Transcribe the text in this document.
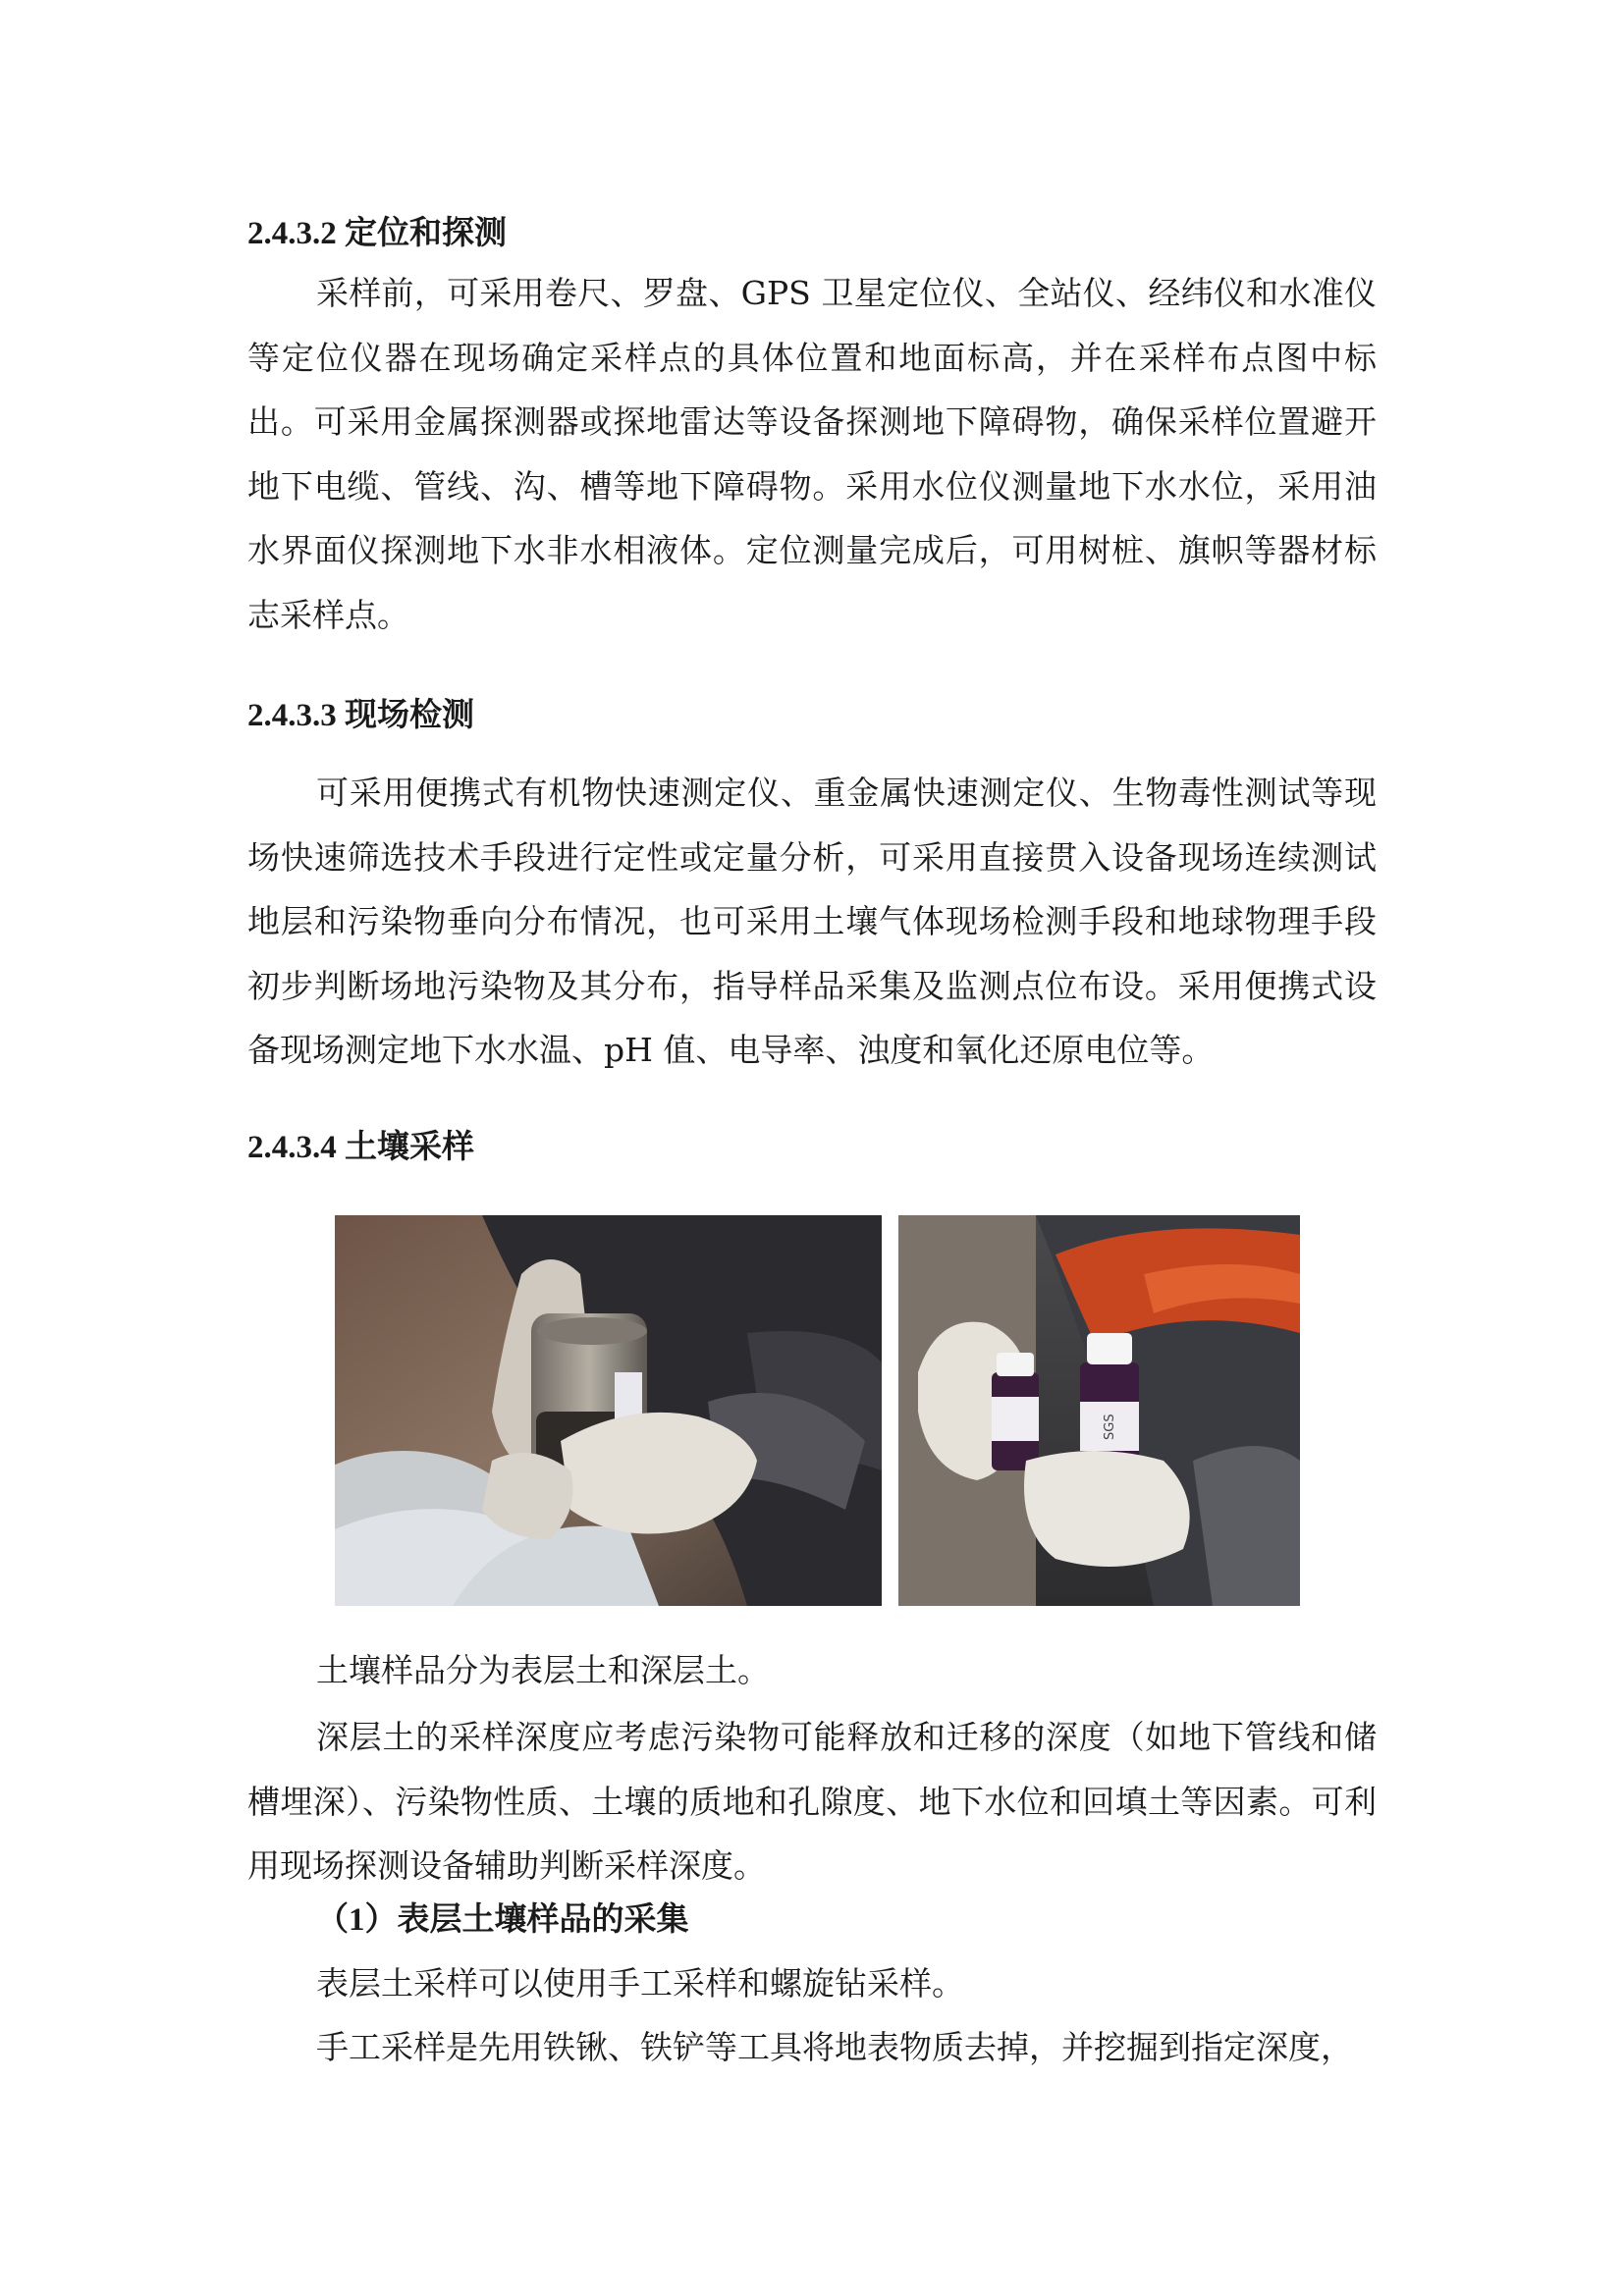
2.4.3.2 定位和探测

采样前，可采用卷尺、罗盘、GPS 卫星定位仪、全站仪、经纬仪和水准仪等定位仪器在现场确定采样点的具体位置和地面标高，并在采样布点图中标出。可采用金属探测器或探地雷达等设备探测地下障碍物，确保采样位置避开地下电缆、管线、沟、槽等地下障碍物。采用水位仪测量地下水水位，采用油水界面仪探测地下水非水相液体。定位测量完成后，可用树桩、旗帜等器材标志采样点。

2.4.3.3 现场检测

可采用便携式有机物快速测定仪、重金属快速测定仪、生物毒性测试等现场快速筛选技术手段进行定性或定量分析，可采用直接贯入设备现场连续测试地层和污染物垂向分布情况，也可采用土壤气体现场检测手段和地球物理手段初步判断场地污染物及其分布，指导样品采集及监测点位布设。采用便携式设备现场测定地下水水温、pH 值、电导率、浊度和氧化还原电位等。

2.4.3.4 土壤采样
SGS

土壤样品分为表层土和深层土。

深层土的采样深度应考虑污染物可能释放和迁移的深度（如地下管线和储槽埋深）、污染物性质、土壤的质地和孔隙度、地下水位和回填土等因素。可利用现场探测设备辅助判断采样深度。

（1）表层土壤样品的采集

表层土采样可以使用手工采样和螺旋钻采样。

手工采样是先用铁锹、铁铲等工具将地表物质去掉，并挖掘到指定深度，
